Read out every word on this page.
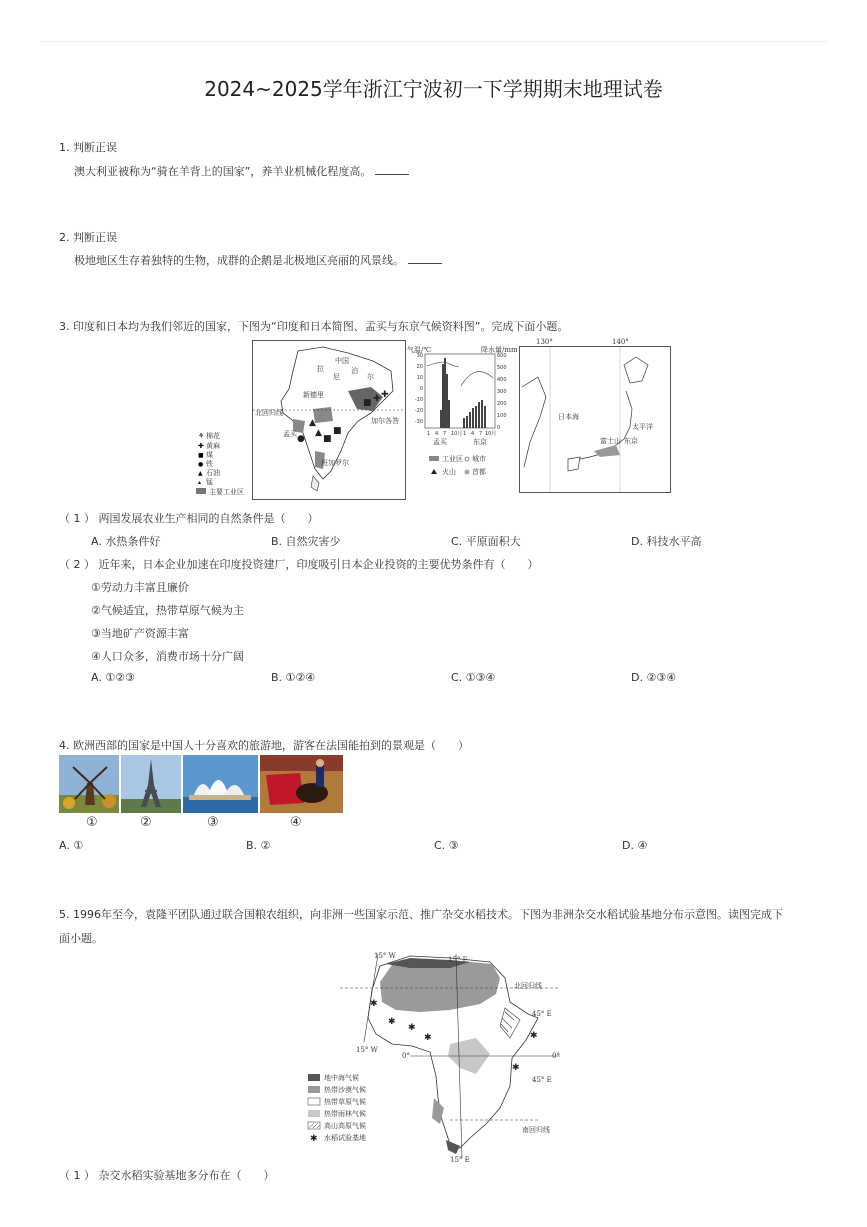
2024~2025学年浙江宁波初一下学期期末地理试卷
1. 判断正误
澳大利亚被称为“骑在羊背上的国家”，养羊业机械化程度高。
2. 判断正误
极地地区生存着独特的生物，成群的企鹅是北极地区亮丽的风景线。
3. 印度和日本均为我们邻近的国家，下图为“印度和日本简图、孟买与东京气候资料图”。完成下面小题。
中国
拉
尼
泊
尔
新德里
孟买
班加罗尔
加尔各答
北回归线
✚ ✚
■
▲
■
●
■
▲
⚘ 棉花
✚ 黄麻
■ 煤
● 铁
▲ 石油
▴ 锰
主要工业区
气温/℃	降水量/mm
30
20
10
0
-10
-20
-30
600
500
400
300
200
100
0
1 4 7 10月 1 4 7 10月
孟买	东京
工业区 城市
火山 首都
日本海
太平洋
富士山 东京
130°	140°
（ 1 ） 两国发展农业生产相同的自然条件是（　　）
A. 水热条件好	B. 自然灾害少	C. 平原面积大	D. 科技水平高
（ 2 ） 近年来，日本企业加速在印度投资建厂，印度吸引日本企业投资的主要优势条件有（　　）
①劳动力丰富且廉价
②气候适宜，热带草原气候为主
③当地矿产资源丰富
④人口众多，消费市场十分广阔
A. ①②③	B. ①②④	C. ①③④	D. ②③④
4. 欧洲西部的国家是中国人十分喜欢的旅游地，游客在法国能拍到的景观是（　　）
①	②	③	④
A. ①	B. ②	C. ③	D. ④
5. 1996年至今，袁隆平团队通过联合国粮农组织，向非洲一些国家示范、推广杂交水稻技术。下图为非洲杂交水稻试验基地分布示意图。读图完成下
面小题。
✱
✱
✱
✱
✱
✱
15° W	15° E
北回归线
45° E
15° W
0°	0°
45° E
南回归线
15° E
地中海气候
热带沙漠气候
热带草原气候
热带雨林气候
高山高原气候
✱ 水稻试验基地
（ 1 ） 杂交水稻实验基地多分布在（　　）
